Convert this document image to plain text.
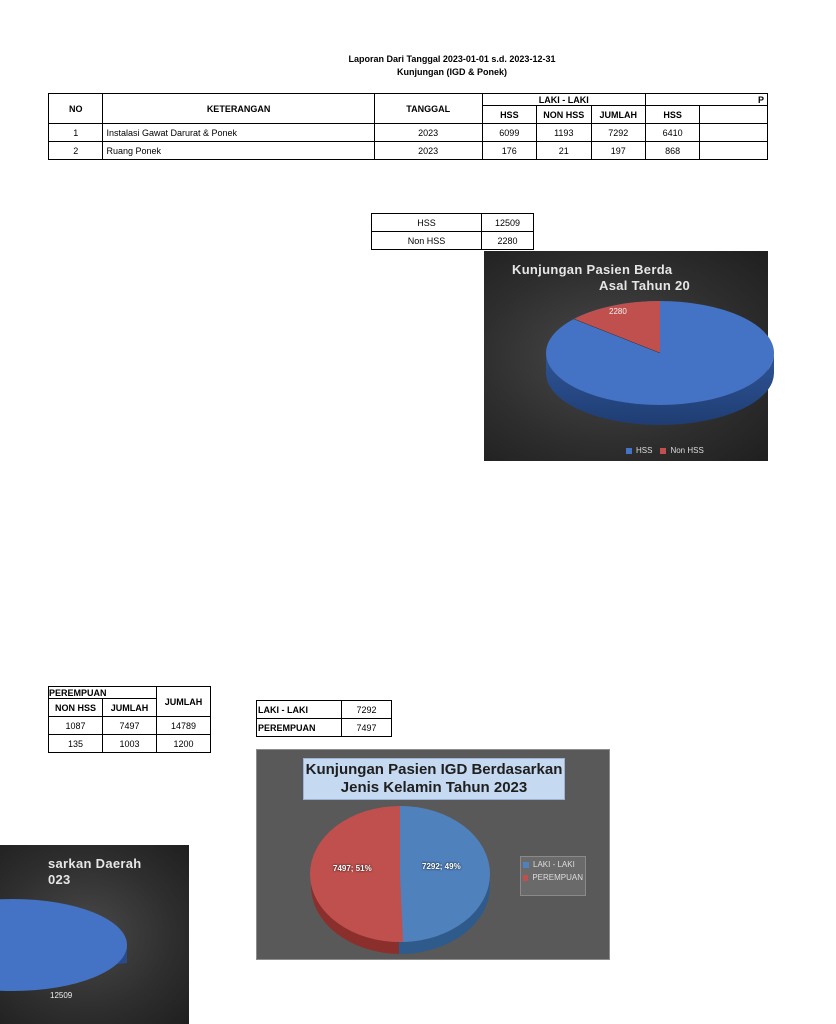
Laporan Dari Tanggal 2023-01-01 s.d. 2023-12-31
Kunjungan (IGD & Ponek)
NO	KETERANGAN	TANGGAL	LAKI - LAKI			P	
			HSS	NON HSS	JUMLAH	HSS	
1	Instalasi Gawat Darurat & Ponek	2023	6099	1193	7292	6410	
2	Ruang Ponek	2023	176	21	197	868	
HSS	12509
Non HSS	2280
Kunjungan Pasien Berda
Asal Tahun 20
2280
HSS Non HSS
PEREMPUAN		JUMLAH
NON HSS	JUMLAH	
1087	7497	14789
135	1003	1200
LAKI - LAKI	7292
PEREMPUAN	7497
sarkan Daerah
023
12509
Kunjungan Pasien IGD Berdasarkan
Jenis Kelamin Tahun 2023
7497; 51%	7292; 49%	LAKI - LAKI
PEREMPUAN
